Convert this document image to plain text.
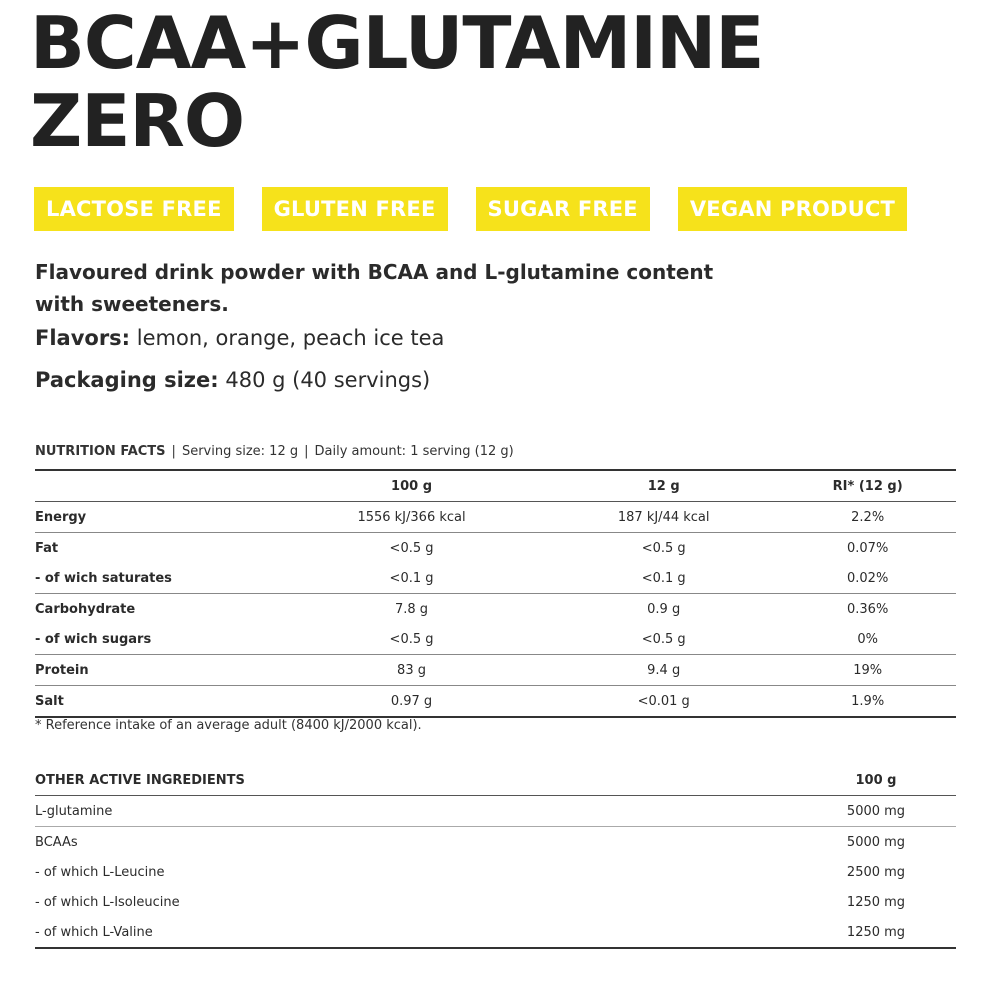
BCAA+GLUTAMINE
ZERO
LACTOSE FREE	GLUTEN FREE	SUGAR FREE	VEGAN PRODUCT
Flavoured drink powder with BCAA and L-glutamine content
with sweeteners.
Flavors: lemon, orange, peach ice tea
Packaging size: 480 g (40 servings)
NUTRITION FACTS | Serving size: 12 g | Daily amount: 1 serving (12 g)
	100 g	12 g	RI* (12 g)
Energy	1556 kJ/366 kcal	187 kJ/44 kcal	2.2%
Fat	<0.5 g	<0.5 g	0.07%
- of wich saturates	<0.1 g	<0.1 g	0.02%
Carbohydrate	7.8 g	0.9 g	0.36%
- of wich sugars	<0.5 g	<0.5 g	0%
Protein	83 g	9.4 g	19%
Salt	0.97 g	<0.01 g	1.9%
* Reference intake of an average adult (8400 kJ/2000 kcal).
OTHER ACTIVE INGREDIENTS	100 g
L-glutamine	5000 mg
BCAAs	5000 mg
- of which L-Leucine	2500 mg
- of which L-Isoleucine	1250 mg
- of which L-Valine	1250 mg
